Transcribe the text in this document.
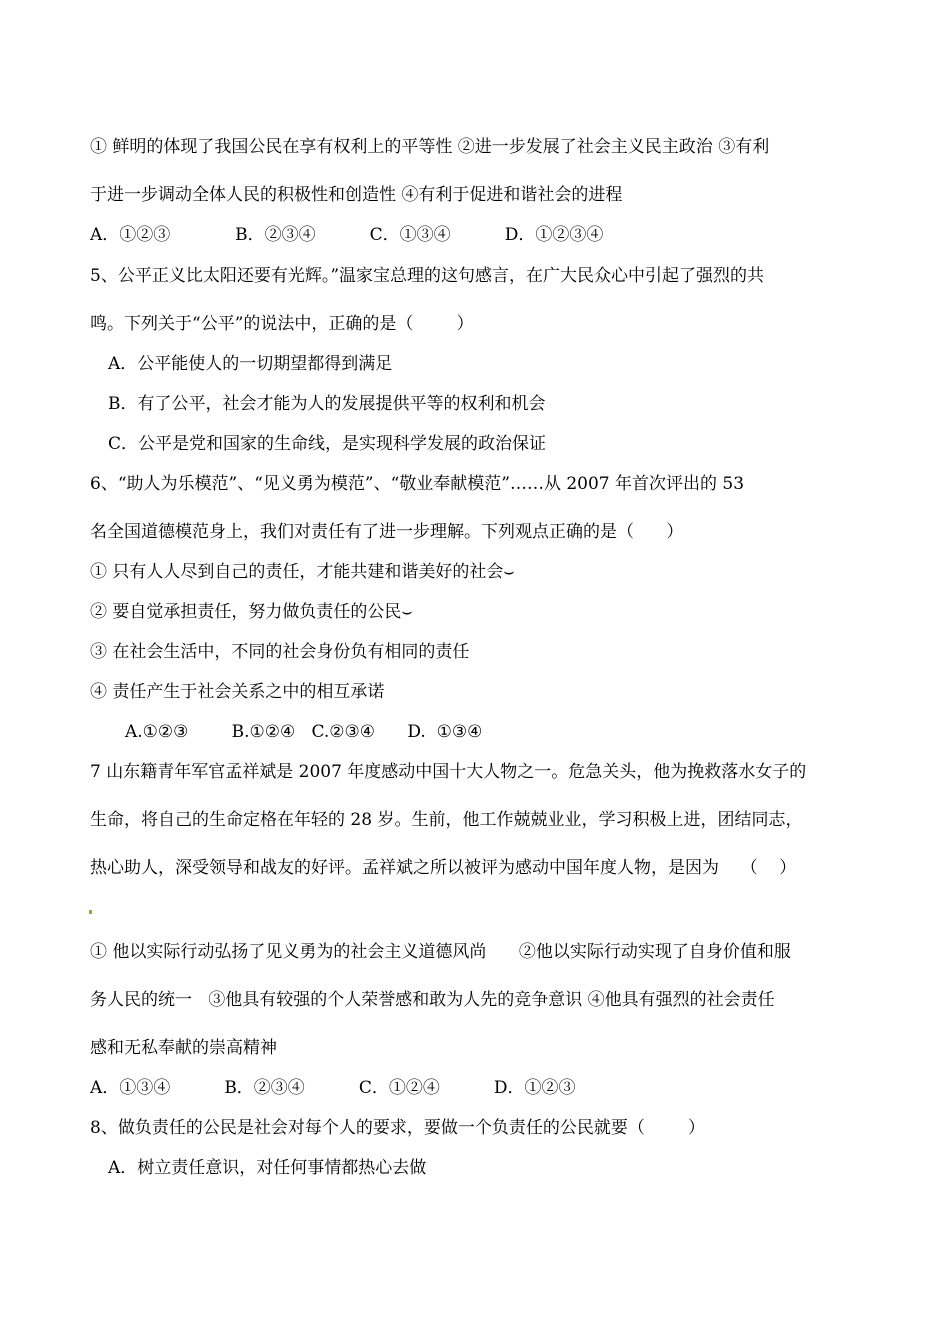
① 鲜明的体现了我国公民在享有权利上的平等性 ②进一步发展了社会主义民主政治 ③有利

于进一步调动全体人民的积极性和创造性 ④有利于促进和谐社会的进程

A．①②③            B．②③④          C．①③④          D．①②③④

5、公平正义比太阳还要有光辉。”温家宝总理的这句感言，在广大民众心中引起了强烈的共

鸣。下列关于“公平”的说法中，正确的是（        ）

A．公平能使人的一切期望都得到满足

B．有了公平，社会才能为人的发展提供平等的权利和机会

C．公平是党和国家的生命线，是实现科学发展的政治保证

6、“助人为乐模范”、“见义勇为模范”、“敬业奉献模范”……从 2007 年首次评出的 53

名全国道德模范身上，我们对责任有了进一步理解。下列观点正确的是（      ）

① 只有人人尽到自己的责任，才能共建和谐美好的社会⌣

② 要自觉承担责任，努力做负责任的公民⌣

③ 在社会生活中，不同的社会身份负有相同的责任

④ 责任产生于社会关系之中的相互承诺

A.①②③        B.①②④   C.②③④      D.  ①③④

7 山东籍青年军官孟祥斌是 2007 年度感动中国十大人物之一。危急关头，他为挽救落水女子的

生命，将自己的生命定格在年轻的 28 岁。生前，他工作兢兢业业，学习积极上进，团结同志，

热心助人，深受领导和战友的好评。孟祥斌之所以被评为感动中国年度人物，是因为    （    ）

① 他以实际行动弘扬了见义勇为的社会主义道德风尚      ②他以实际行动实现了自身价值和服

务人民的统一   ③他具有较强的个人荣誉感和敢为人先的竞争意识 ④他具有强烈的社会责任

感和无私奉献的崇高精神

A．①③④          B．②③④          C．①②④          D．①②③

8、做负责任的公民是社会对每个人的要求，要做一个负责任的公民就要（        ）

A．树立责任意识，对任何事情都热心去做
